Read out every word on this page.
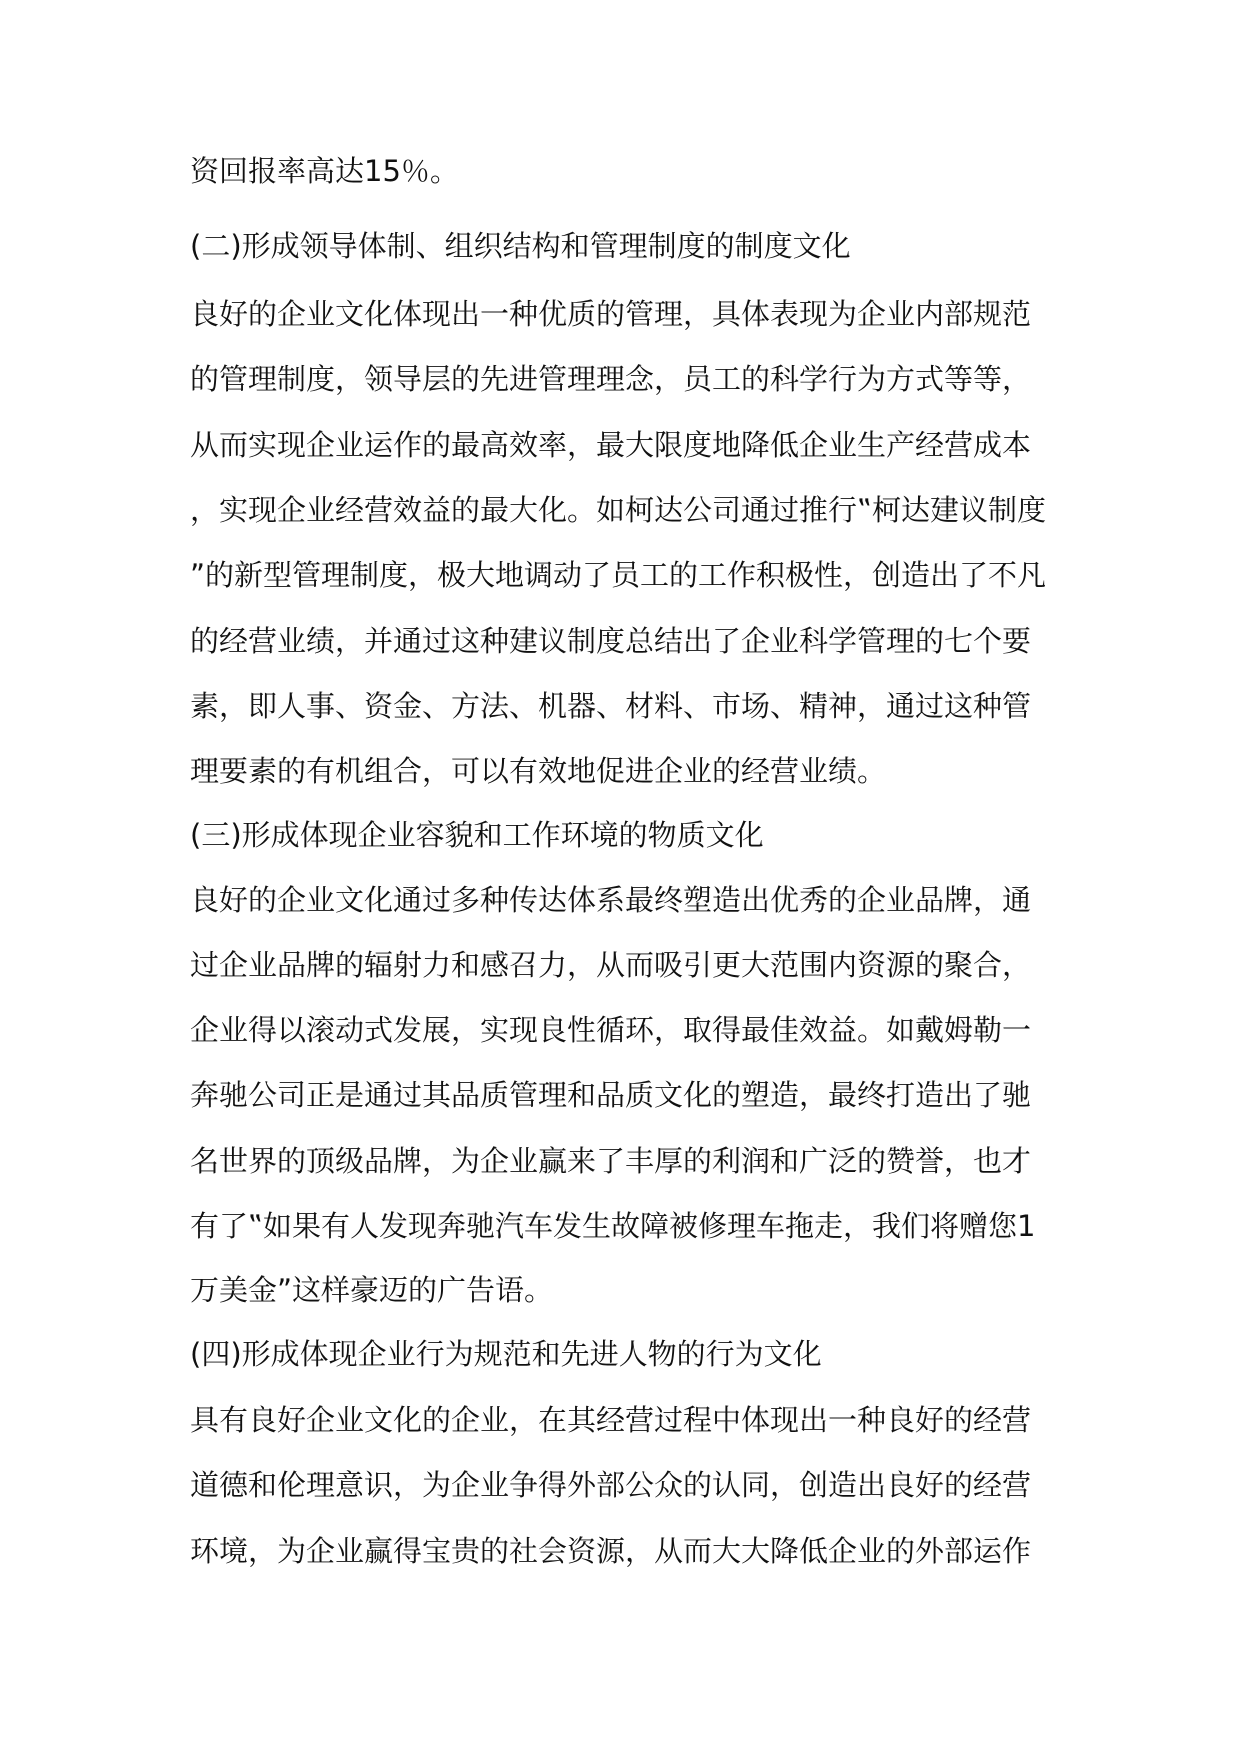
资回报率高达15％。
(二)形成领导体制、组织结构和管理制度的制度文化
良好的企业文化体现出一种优质的管理，具体表现为企业内部规范
的管理制度，领导层的先进管理理念，员工的科学行为方式等等，
从而实现企业运作的最高效率，最大限度地降低企业生产经营成本
，实现企业经营效益的最大化。如柯达公司通过推行‟柯达建议制度
”的新型管理制度，极大地调动了员工的工作积极性，创造出了不凡
的经营业绩，并通过这种建议制度总结出了企业科学管理的七个要
素，即人事、资金、方法、机器、材料、市场、精神，通过这种管
理要素的有机组合，可以有效地促进企业的经营业绩。
(三)形成体现企业容貌和工作环境的物质文化
良好的企业文化通过多种传达体系最终塑造出优秀的企业品牌，通
过企业品牌的辐射力和感召力，从而吸引更大范围内资源的聚合，
企业得以滚动式发展，实现良性循环，取得最佳效益。如戴姆勒一
奔驰公司正是通过其品质管理和品质文化的塑造，最终打造出了驰
名世界的顶级品牌，为企业赢来了丰厚的利润和广泛的赞誉，也才
有了‟如果有人发现奔驰汽车发生故障被修理车拖走，我们将赠您1
万美金”这样豪迈的广告语。
(四)形成体现企业行为规范和先进人物的行为文化
具有良好企业文化的企业，在其经营过程中体现出一种良好的经营
道德和伦理意识，为企业争得外部公众的认同，创造出良好的经营
环境，为企业赢得宝贵的社会资源，从而大大降低企业的外部运作
